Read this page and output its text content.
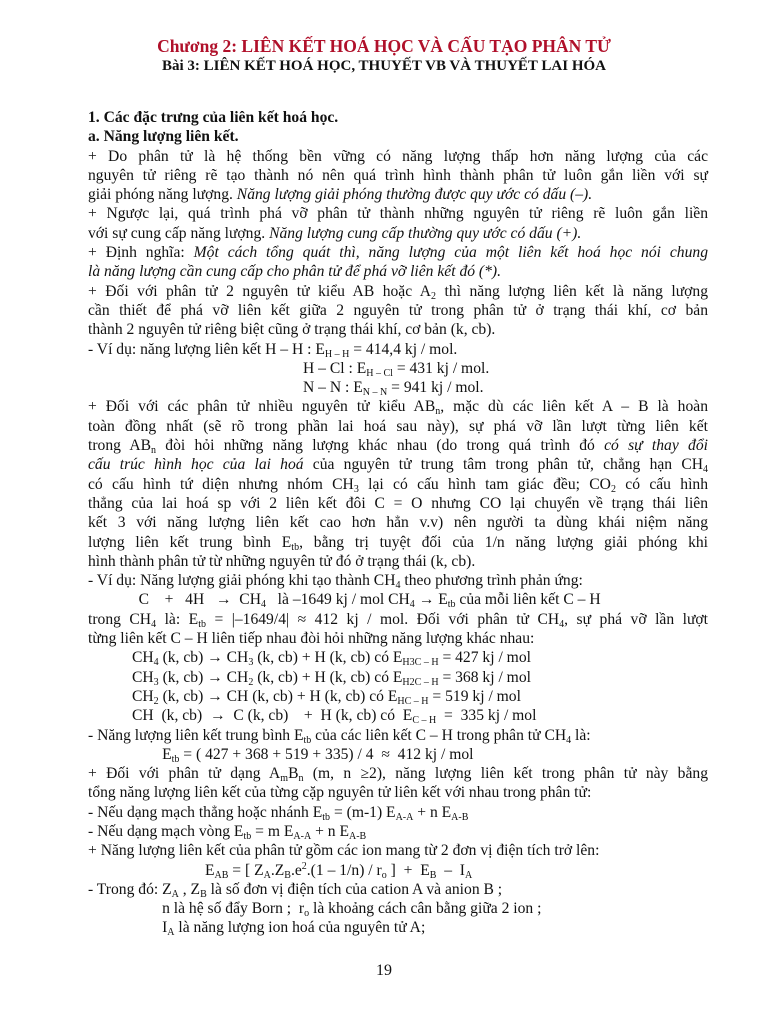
Chương 2: LIÊN KẾT HOÁ HỌC VÀ CẤU TẠO PHÂN TỬ
Bài 3: LIÊN KẾT HOÁ HỌC, THUYẾT VB VÀ THUYẾT LAI HÓA
1. Các đặc trưng của liên kết hoá học.
a. Năng lượng liên kết.
+ Do phân tử là hệ thống bền vững có năng lượng thấp hơn năng lượng của các
nguyên tử riêng rẽ tạo thành nó nên quá trình hình thành phân tử luôn gắn liền với sự
giải phóng năng lượng. Năng lượng giải phóng thường được quy ước có dấu (–).
+ Ngược lại, quá trình phá vỡ phân tử thành những nguyên tử riêng rẽ luôn gắn liền
với sự cung cấp năng lượng. Năng lượng cung cấp thường quy ước có dấu (+).
+ Định nghĩa: Một cách tổng quát thì, năng lượng của một liên kết hoá học nói chung
là năng lượng cần cung cấp cho phân tử để phá vỡ liên kết đó (*).
+ Đối với phân tử 2 nguyên tử kiểu AB hoặc $A_2$ thì năng lượng liên kết là năng lượng
cần thiết để phá vỡ liên kết giữa 2 nguyên tử trong phân tử ở trạng thái khí, cơ bản
thành 2 nguyên tử riêng biệt cũng ở trạng thái khí, cơ bản (k, cb).
- Ví dụ: năng lượng liên kết H – H : $E_{H - H} = 414,4$ kj / mol.
H – Cl : $E_{H - Cl} = 431$ kj / mol.
N – N : $E_{N - N} = 941$ kj / mol.
+ Đối với các phân tử nhiều nguyên tử kiểu $AB_n$, mặc dù các liên kết A – B là hoàn
toàn đồng nhất (sẽ rõ trong phần lai hoá sau này), sự phá vỡ lần lượt từng liên kết
trong $AB_n$ đòi hỏi những năng lượng khác nhau (do trong quá trình đó có sự thay đổi
cấu trúc hình học của lai hoá của nguyên tử trung tâm trong phân tử, chẳng hạn $CH_4$
có cấu hình tứ diện nhưng nhóm $CH_3$ lại có cấu hình tam giác đều; $CO_2$ có cấu hình
thẳng của lai hoá sp với 2 liên kết đôi C = O nhưng CO lại chuyển về trạng thái liên
kết 3 với năng lượng liên kết cao hơn hẳn v.v) nên người ta dùng khái niệm năng
lượng liên kết trung bình $E_{tb}$, bằng trị tuyệt đối của 1/n năng lượng giải phóng khi
hình thành phân tử từ những nguyên tử đó ở trạng thái (k, cb).
- Ví dụ: Năng lượng giải phóng khi tạo thành $CH_4$ theo phương trình phản ứng:
C    +   $4H \to CH_4$   là –1649 kj / mol $CH_4 \to E_{tb}$ của mỗi liên kết C – H
trong $CH_4$ là: $E_{tb} = |-1649/4| \approx 412$ kj / mol. Đối với phân tử $CH_4$, sự phá vỡ lần lượt
từng liên kết C – H liên tiếp nhau đòi hỏi những năng lượng khác nhau:
$CH_4$ (k, $cb) \to CH_3$ (k, cb) + H (k, cb) có $E_{H3C - H} = 427$ kj / mol
$CH_3$ (k, $cb) \to CH_2$ (k, cb) + H (k, cb) có $E_{H2C - H} = 368$ kj / mol
$CH_2$ (k, cb) → CH (k, cb) + H (k, cb) có $E_{HC - H} = 519$ kj / mol
CH  (k, cb)  →  C (k, cb)    +  H (k, cb) có  $E_{C - H} = 335$ kj / mol
- Năng lượng liên kết trung bình $E_{tb}$ của các liên kết C – H trong phân tử $CH_4$ là:
$E_{tb}$ = ( 427 + 368 + 519 + 335) / 4  ≈  412 kj / mol
+ Đối với phân tử dạng $A_mB_n$ (m, n ≥2), năng lượng liên kết trong phân tử này bằng
tổng năng lượng liên kết của từng cặp nguyên tử liên kết với nhau trong phân tử:
- Nếu dạng mạch thẳng hoặc nhánh $E_{tb} = (m-1) E_{A-A} + n$ $E_{A-B}$
- Nếu dạng mạch vòng $E_{tb} = m$ $E_{A-A} + n$ $E_{A-B}$
+ Năng lượng liên kết của phân tử gồm các ion mang từ 2 đơn vị điện tích trở lên:
$E_{AB}$ = [ $Z_A.Z_B.e^2.(1 - 1/n) / r_o$ ]  +  $E_B - I_A$
- Trong đó: $Z_A$ , $Z_B$ là số đơn vị điện tích của cation A và anion B ;
n là hệ số đẩy Born ;  $r_o$ là khoảng cách cân bằng giữa 2 ion ;
$I_A$ là năng lượng ion hoá của nguyên tử A;
19
